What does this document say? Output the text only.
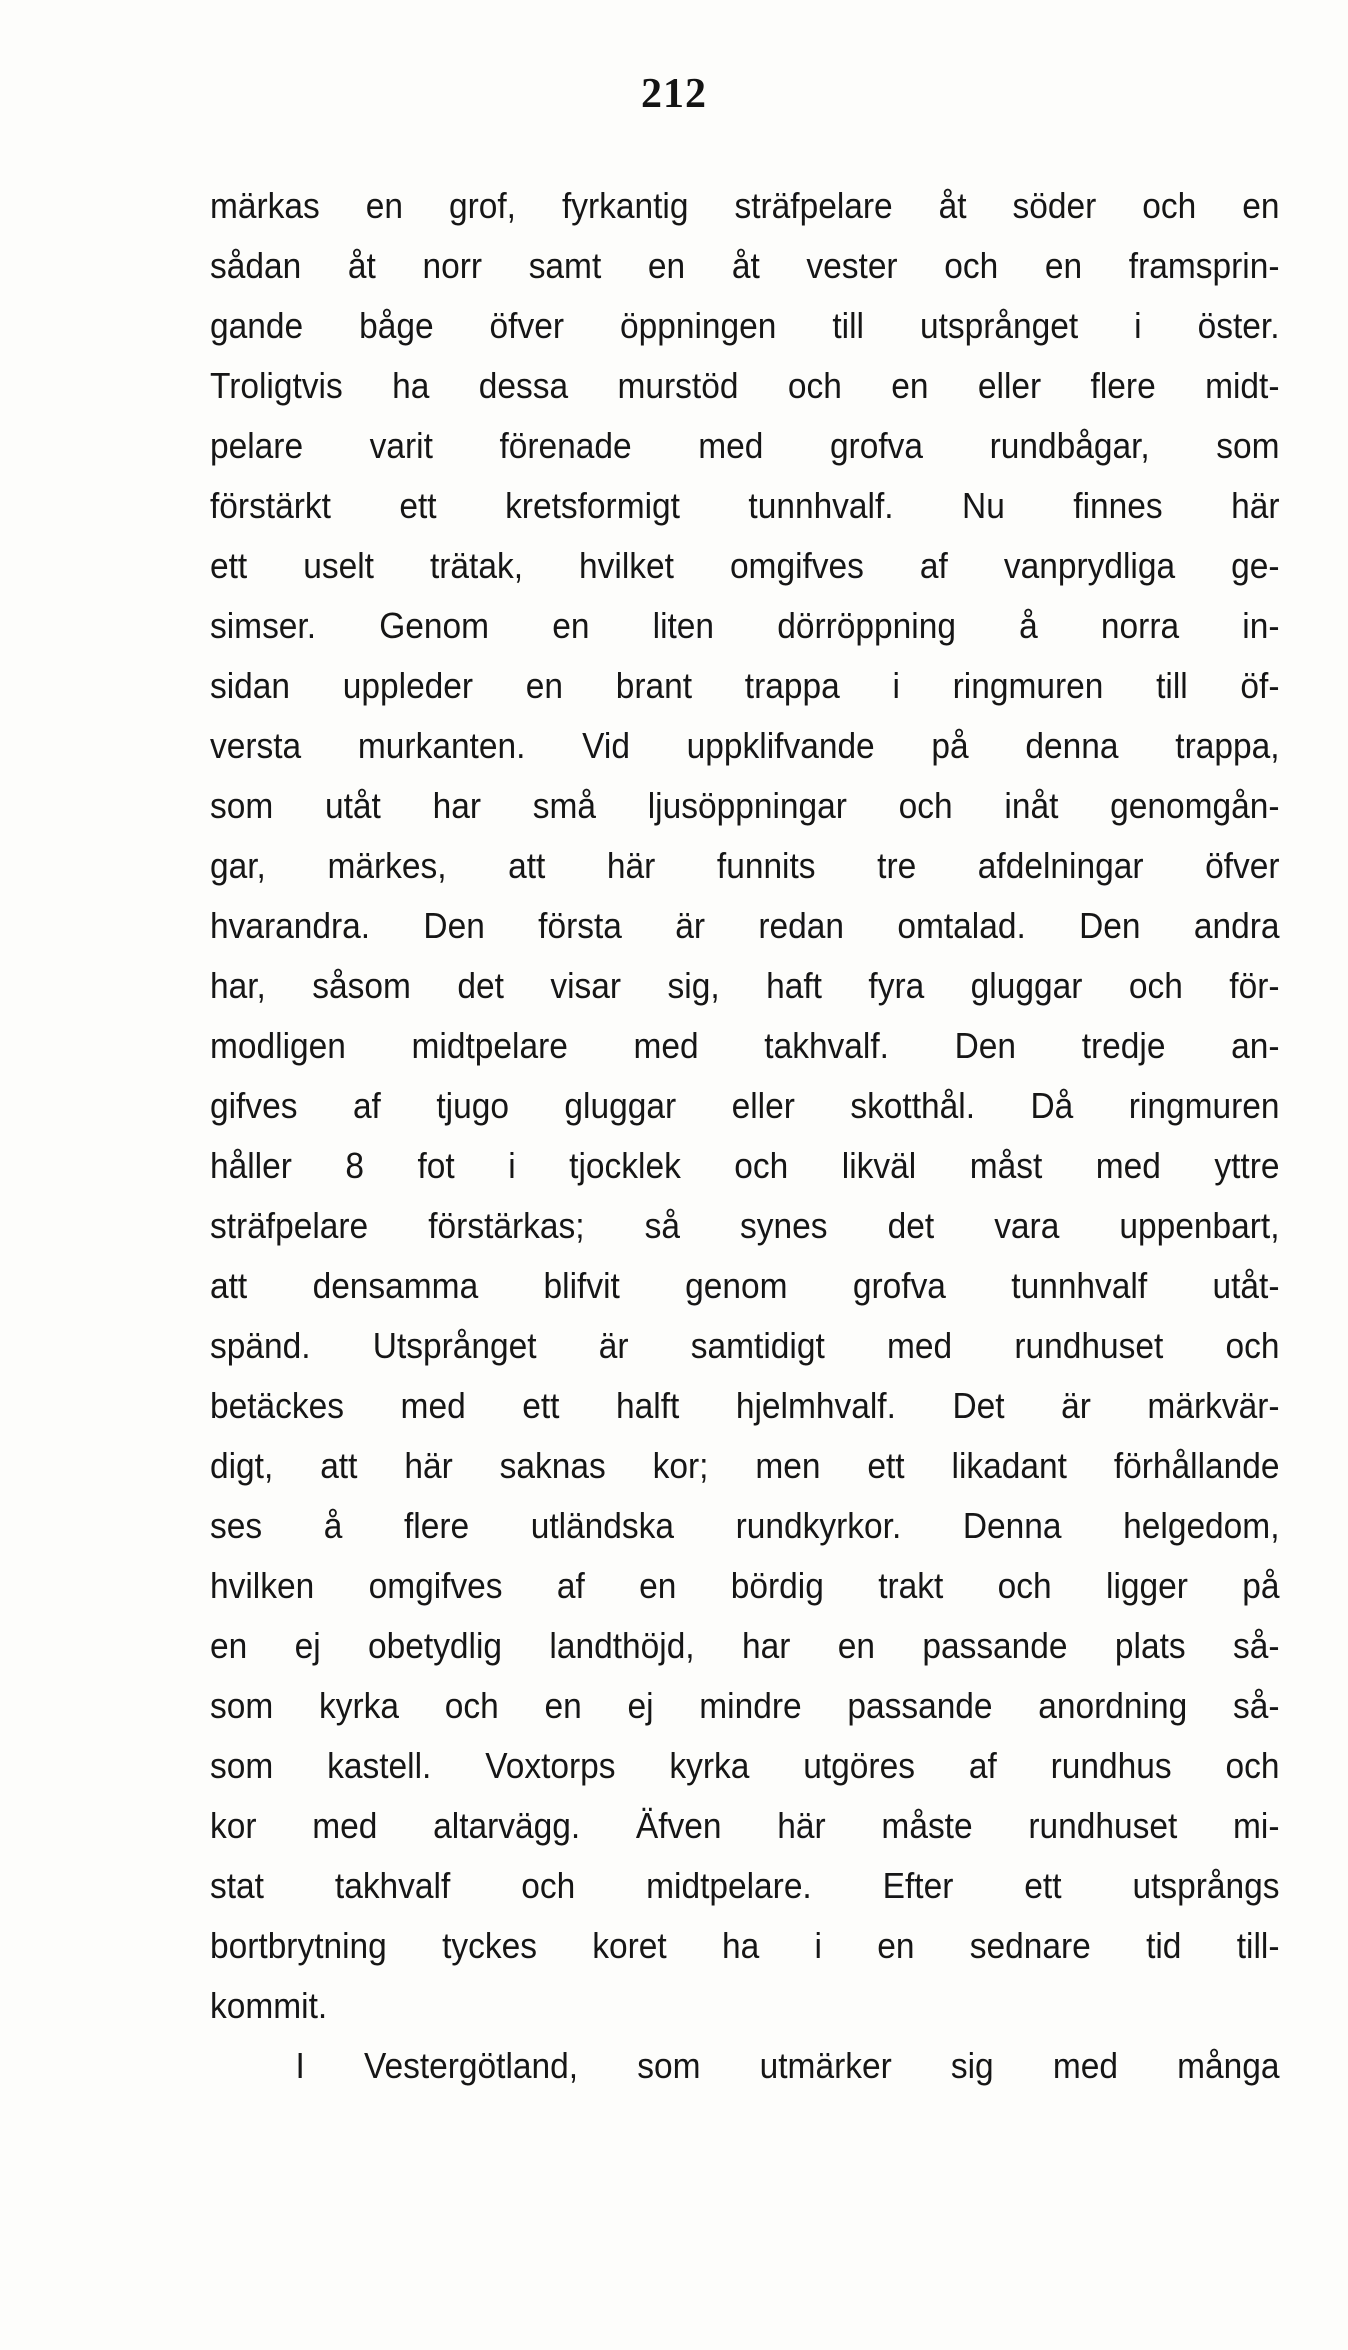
212
märkas en grof, fyrkantig sträfpelare åt söder och en
sådan åt norr samt en åt vester och en framsprin-
gande båge öfver öppningen till utsprånget i öster.
Troligtvis ha dessa murstöd och en eller flere midt-
pelare varit förenade med grofva rundbågar, som
förstärkt ett kretsformigt tunnhvalf. Nu finnes här
ett uselt trätak, hvilket omgifves af vanprydliga ge-
simser. Genom en liten dörröppning å norra in-
sidan uppleder en brant trappa i ringmuren till öf-
versta murkanten. Vid uppklifvande på denna trappa,
som utåt har små ljusöppningar och inåt genomgån-
gar, märkes, att här funnits tre afdelningar öfver
hvarandra. Den första är redan omtalad. Den andra
har, såsom det visar sig, haft fyra gluggar och för-
modligen midtpelare med takhvalf. Den tredje an-
gifves af tjugo gluggar eller skotthål. Då ringmuren
håller 8 fot i tjocklek och likväl måst med yttre
sträfpelare förstärkas; så synes det vara uppenbart,
att densamma blifvit genom grofva tunnhvalf utåt-
spänd. Utsprånget är samtidigt med rundhuset och
betäckes med ett halft hjelmhvalf. Det är märkvär-
digt, att här saknas kor; men ett likadant förhållande
ses å flere utländska rundkyrkor. Denna helgedom,
hvilken omgifves af en bördig trakt och ligger på
en ej obetydlig landthöjd, har en passande plats så-
som kyrka och en ej mindre passande anordning så-
som kastell. Voxtorps kyrka utgöres af rundhus och
kor med altarvägg. Äfven här måste rundhuset mi-
stat takhvalf och midtpelare. Efter ett utsprångs
bortbrytning tyckes koret ha i en sednare tid till-
kommit.
I Vestergötland, som utmärker sig med många
